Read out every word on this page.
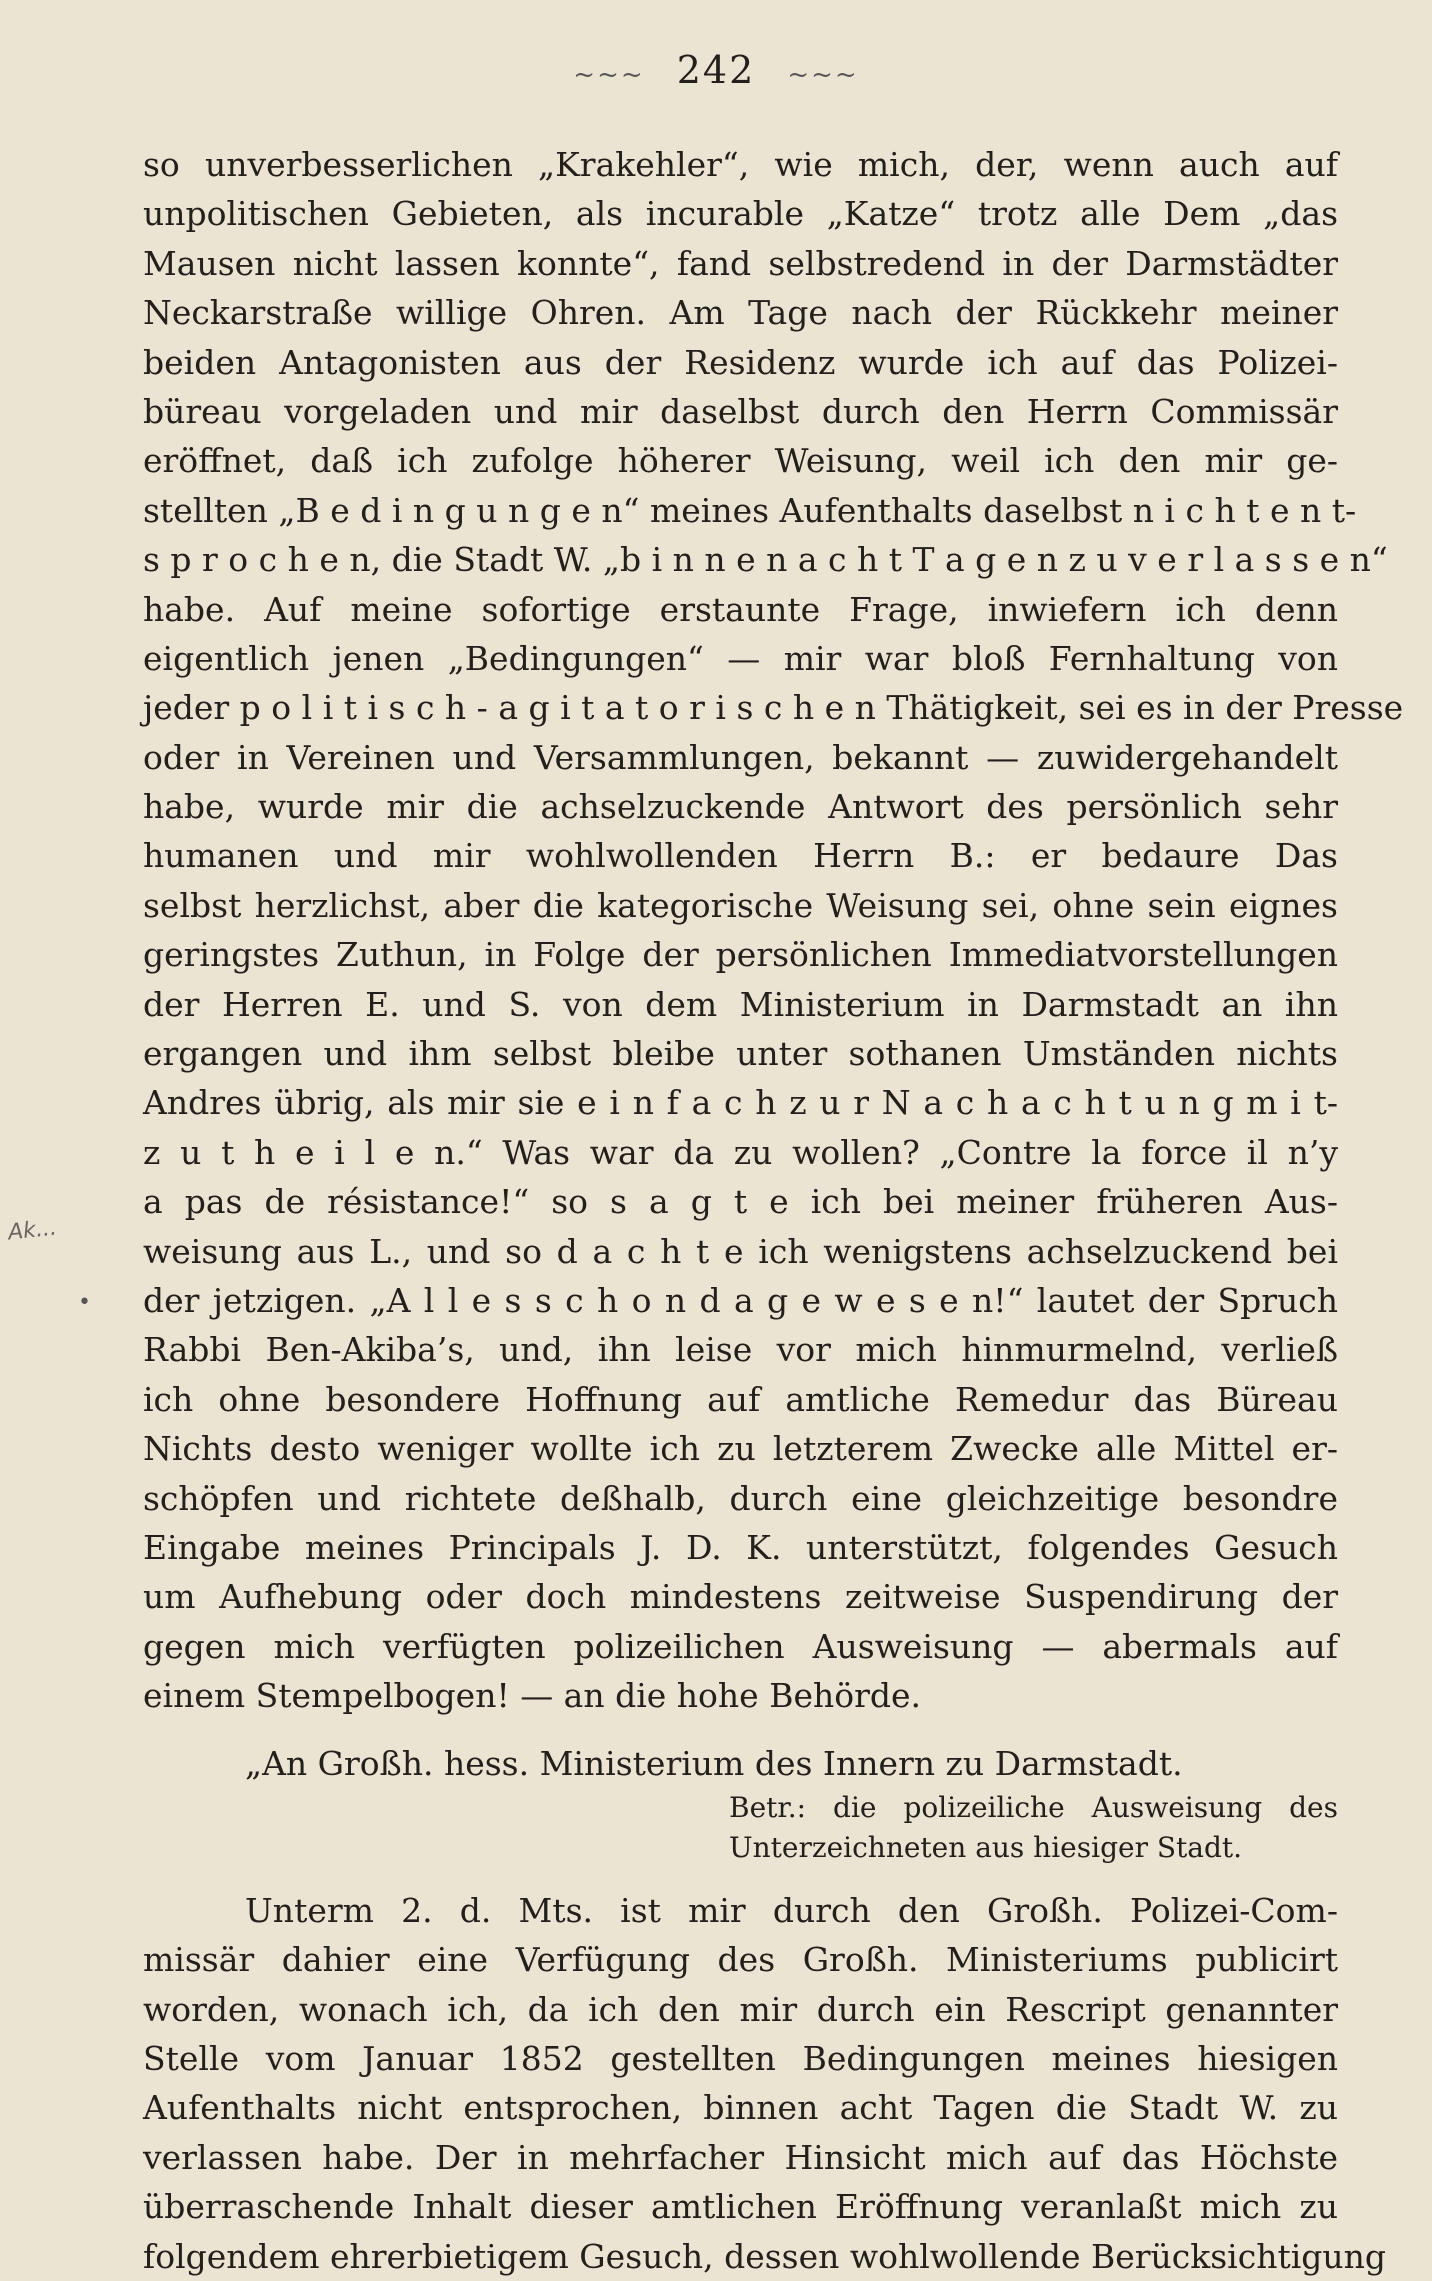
~~~ 242 ~~~
Ak...
•
so unverbesserlichen „Krakehler“, wie mich, der, wenn auch auf
unpolitischen Gebieten, als incurable „Katze“ trotz alle Dem „das
Mausen nicht lassen konnte“, fand selbstredend in der Darmstädter
Neckarstraße willige Ohren. Am Tage nach der Rückkehr meiner
beiden Antagonisten aus der Residenz wurde ich auf das Polizei-
büreau vorgeladen und mir daselbst durch den Herrn Commissär
eröffnet, daß ich zufolge höherer Weisung, weil ich den mir ge-
stellten „B e d i n g u n g e n“ meines Aufenthalts daselbst n i c h t e n t-
s p r o c h e n, die Stadt W. „b i n n e n a c h t T a g e n z u v e r l a s s e n“
habe. Auf meine sofortige erstaunte Frage, inwiefern ich denn
eigentlich jenen „Bedingungen“ — mir war bloß Fernhaltung von
jeder p o l i t i s c h - a g i t a t o r i s c h e n Thätigkeit, sei es in der Presse
oder in Vereinen und Versammlungen, bekannt — zuwidergehandelt
habe, wurde mir die achselzuckende Antwort des persönlich sehr
humanen und mir wohlwollenden Herrn B.: er bedaure Das
selbst herzlichst, aber die kategorische Weisung sei, ohne sein eignes
geringstes Zuthun, in Folge der persönlichen Immediatvorstellungen
der Herren E. und S. von dem Ministerium in Darmstadt an ihn
ergangen und ihm selbst bleibe unter sothanen Umständen nichts
Andres übrig, als mir sie e i n f a c h z u r N a c h a c h t u n g m i t-
z u t h e i l e n.“ Was war da zu wollen? „Contre la force il n’y
a pas de résistance!“ so s a g t e ich bei meiner früheren Aus-
weisung aus L., und so d a c h t e ich wenigstens achselzuckend bei
der jetzigen. „A l l e s s c h o n d a g e w e s e n!“ lautet der Spruch
Rabbi Ben-Akiba’s, und, ihn leise vor mich hinmurmelnd, verließ
ich ohne besondere Hoffnung auf amtliche Remedur das Büreau
Nichts desto weniger wollte ich zu letzterem Zwecke alle Mittel er-
schöpfen und richtete deßhalb, durch eine gleichzeitige besondre
Eingabe meines Principals J. D. K. unterstützt, folgendes Gesuch
um Aufhebung oder doch mindestens zeitweise Suspendirung der
gegen mich verfügten polizeilichen Ausweisung — abermals auf
einem Stempelbogen! — an die hohe Behörde.
„An Großh. hess. Ministerium des Innern zu Darmstadt.
Betr.: die polizeiliche Ausweisung des
Unterzeichneten aus hiesiger Stadt.
Unterm 2. d. Mts. ist mir durch den Großh. Polizei-Com-
missär dahier eine Verfügung des Großh. Ministeriums publicirt
worden, wonach ich, da ich den mir durch ein Rescript genannter
Stelle vom Januar 1852 gestellten Bedingungen meines hiesigen
Aufenthalts nicht entsprochen, binnen acht Tagen die Stadt W. zu
verlassen habe. Der in mehrfacher Hinsicht mich auf das Höchste
überraschende Inhalt dieser amtlichen Eröffnung veranlaßt mich zu
folgendem ehrerbietigem Gesuch, dessen wohlwollende Berücksichtigung
